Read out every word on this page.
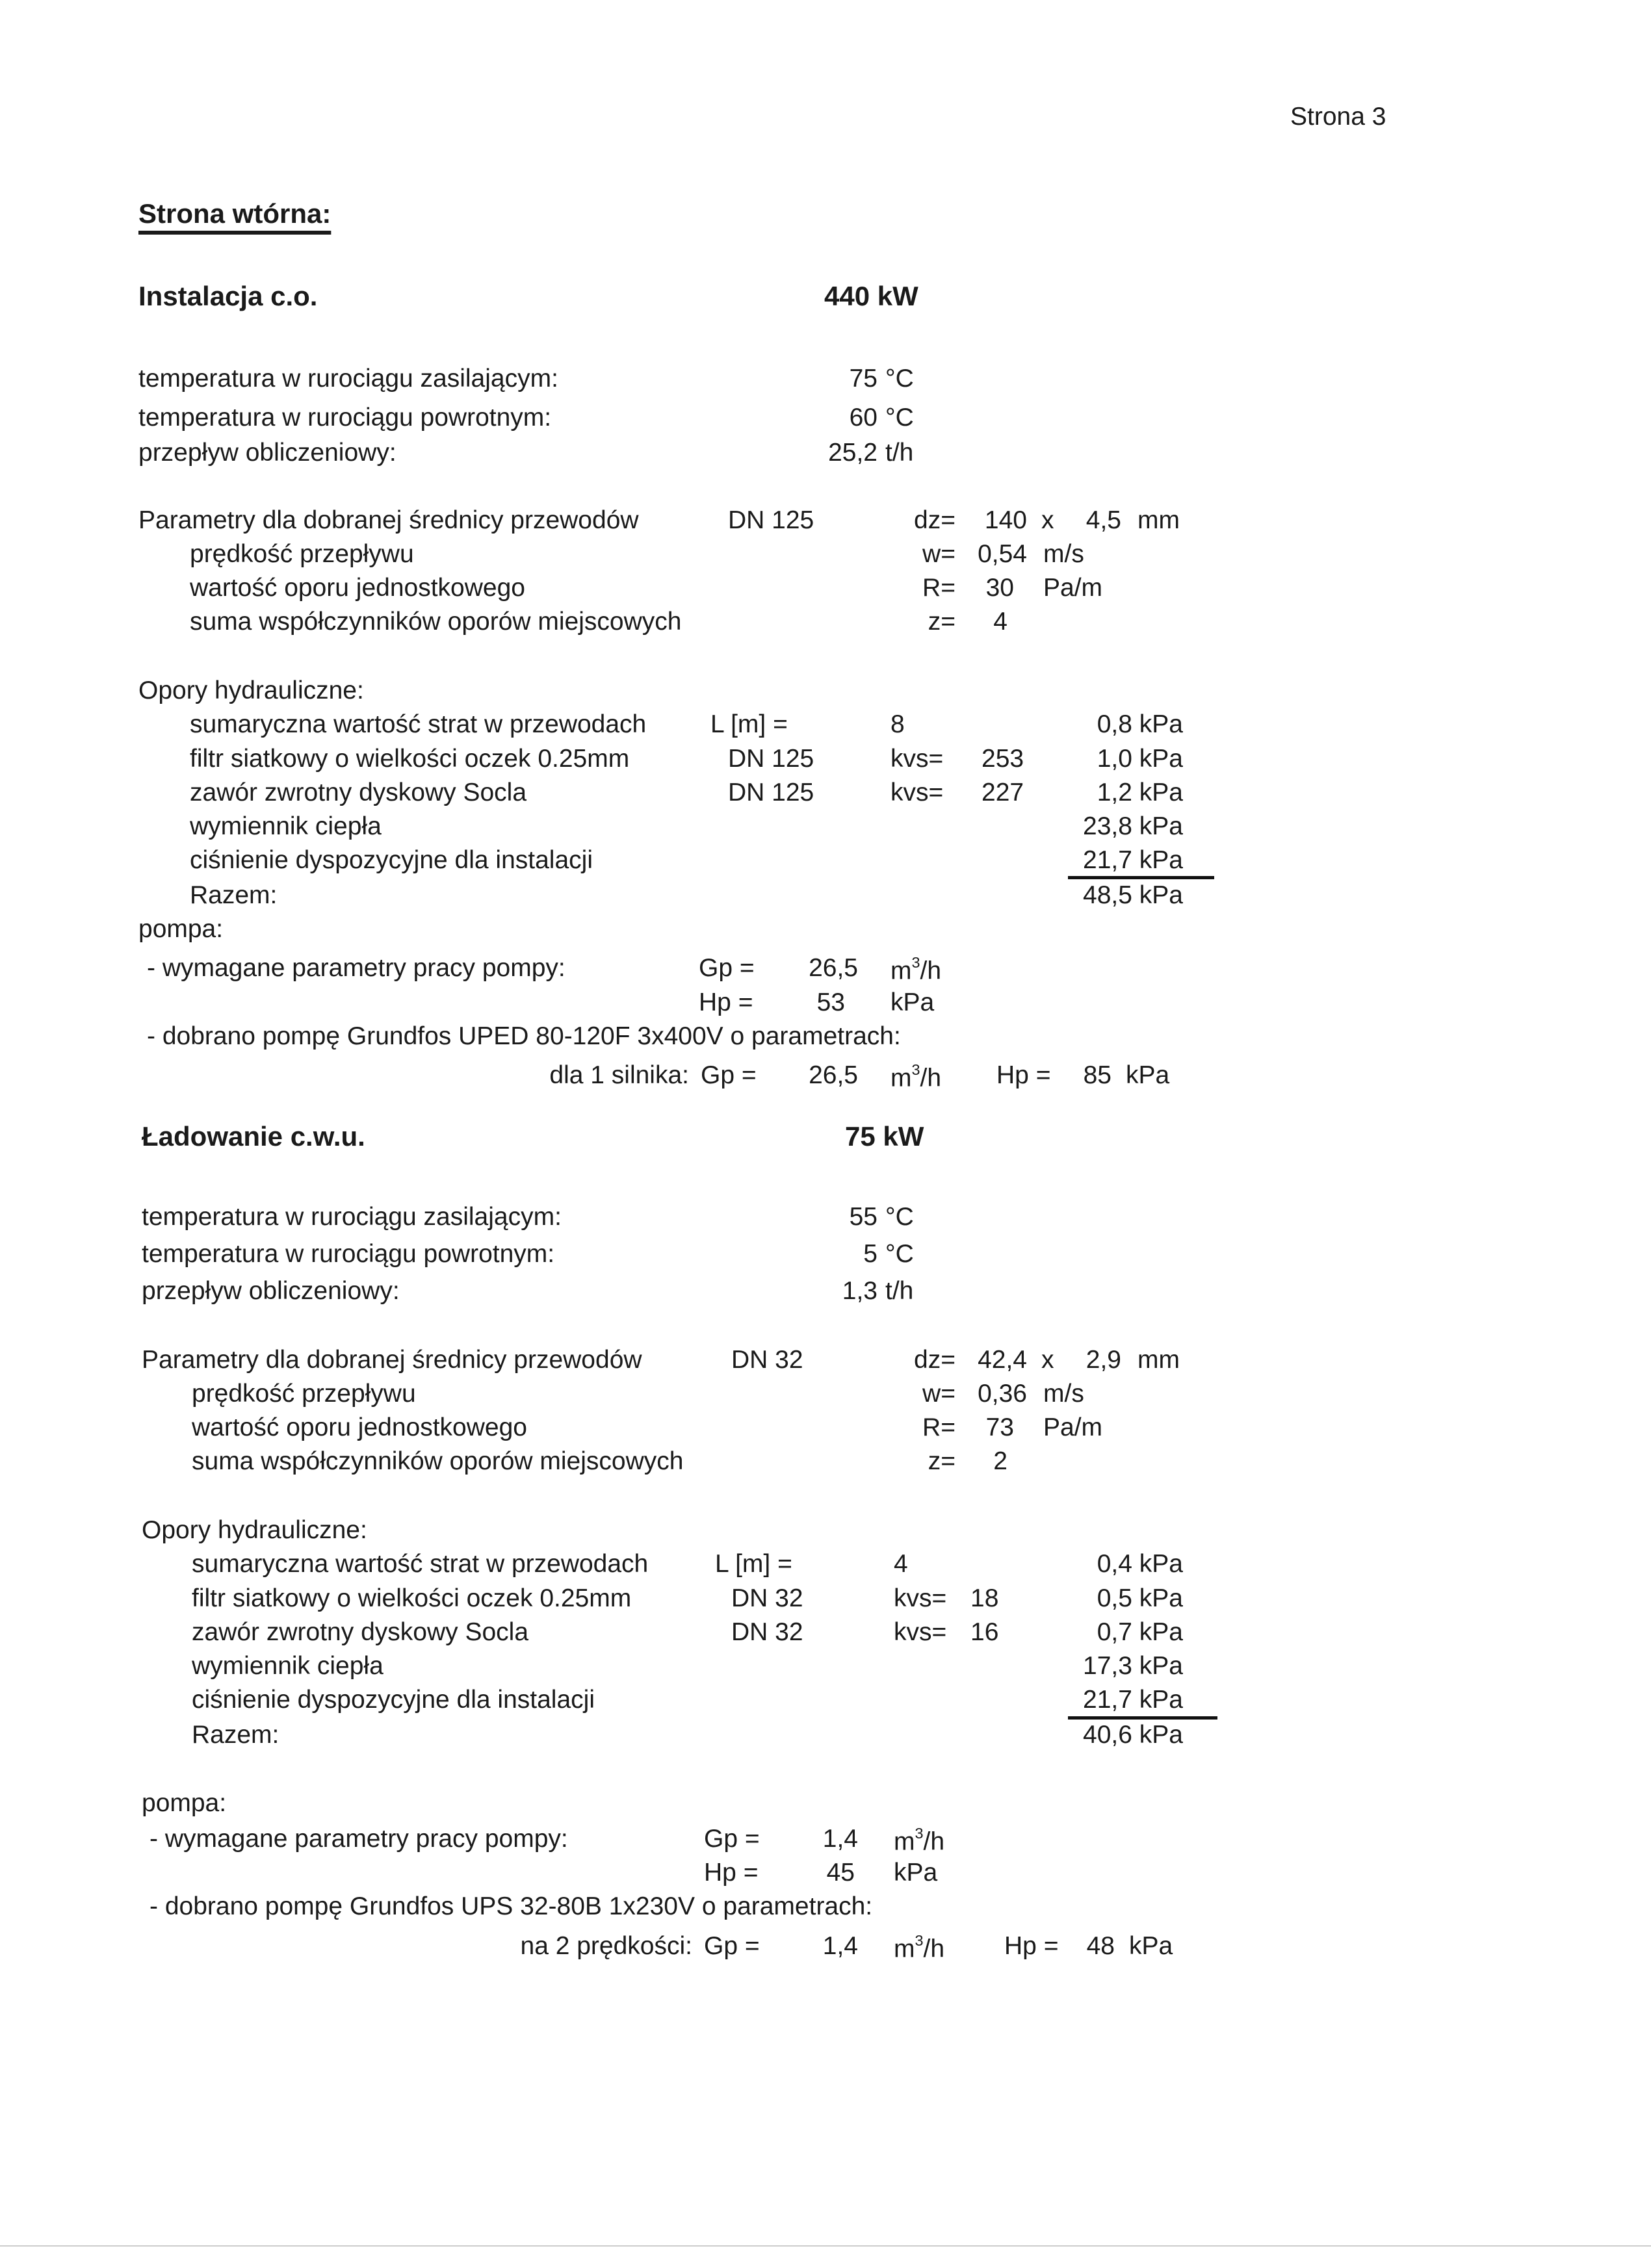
Strona 3
Strona wtórna:
Instalacja c.o.	440 kW
temperatura w rurociągu zasilającym:	75 °C
temperatura w rurociągu powrotnym:	60 °C
przepływ obliczeniowy:	25,2 t/h
Parametry dla dobranej średnicy przewodów	DN 125	dz=	140 x	4,5 mm
prędkość przepływu	w= 0,54 m/s
wartość oporu jednostkowego	R=	30 Pa/m
suma współczynników oporów miejscowych	z=	4
Opory hydrauliczne:
sumaryczna wartość strat w przewodach	L [m] =	8	0,8 kPa
filtr siatkowy o wielkości oczek 0.25mm	DN 125	kvs= 253	1,0 kPa
zawór zwrotny dyskowy Socla	DN 125	kvs= 227	1,2 kPa
wymiennik ciepła	23,8 kPa
ciśnienie dyspozycyjne dla instalacji	21,7 kPa
Razem:	48,5 kPa
pompa:
- wymagane parametry pracy pompy:	Gp =	26,5 $m^3/h$
Hp =	53 kPa
- dobrano pompę Grundfos UPED 80-120F 3x400V o parametrach:
dla 1 silnika: Gp =	26,5 $m^3/h$ Hp =	85 kPa
Ładowanie c.w.u.	75 kW
temperatura w rurociągu zasilającym:	55 °C
temperatura w rurociągu powrotnym:	5 °C
przepływ obliczeniowy:	1,3 t/h
Parametry dla dobranej średnicy przewodów	DN 32	dz= 42,4 x	2,9 mm
prędkość przepływu	w= 0,36 m/s
wartość oporu jednostkowego	R=	73 Pa/m
suma współczynników oporów miejscowych	z=	2
Opory hydrauliczne:
sumaryczna wartość strat w przewodach	L [m] =	4	0,4 kPa
filtr siatkowy o wielkości oczek 0.25mm	DN 32	kvs= 18	0,5 kPa
zawór zwrotny dyskowy Socla	DN 32	kvs= 16	0,7 kPa
wymiennik ciepła	17,3 kPa
ciśnienie dyspozycyjne dla instalacji	21,7 kPa
Razem:	40,6 kPa
pompa:
- wymagane parametry pracy pompy:	Gp =	1,4 $m^3/h$
Hp =	45 kPa
- dobrano pompę Grundfos UPS 32-80B 1x230V o parametrach:
na 2 prędkości: Gp =	1,4 $m^3/h$ Hp =	48 kPa
